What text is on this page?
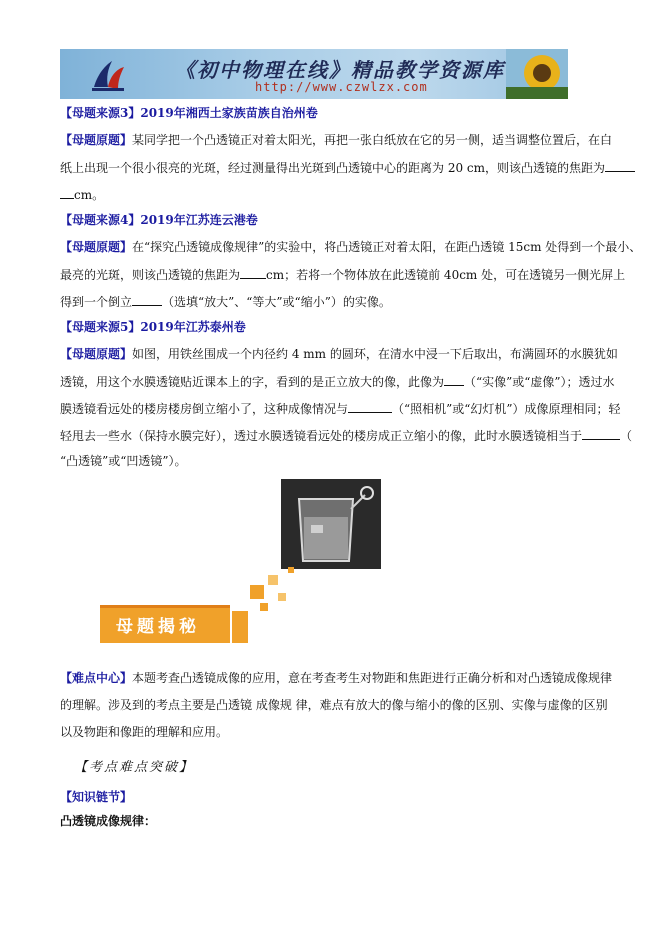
《初中物理在线》精品教学资源库
http://www.czwlzx.com
【母题来源3】2019年湘西土家族苗族自治州卷
【母题原题】某同学把一个凸透镜正对着太阳光，再把一张白纸放在它的另一侧，适当调整位置后，在白
纸上出现一个很小很亮的光斑，经过测量得出光斑到凸透镜中心的距离为 20 cm，则该凸透镜的焦距为
cm。
【母题来源4】2019年江苏连云港卷
【母题原题】在“探究凸透镜成像规律”的实验中，将凸透镜正对着太阳，在距凸透镜 15cm 处得到一个最小、
最亮的光斑，则该凸透镜的焦距为 cm；若将一个物体放在此透镜前 40cm 处，可在透镜另一侧光屏上
得到一个倒立	（选填“放大”、“等大”或“缩小”）的实像。
【母题来源5】2019年江苏泰州卷
【母题原题】如图，用铁丝围成一个内径约 4 mm 的圆环，在清水中浸一下后取出，布满圆环的水膜犹如
透镜，用这个水膜透镜贴近课本上的字，看到的是正立放大的像，此像为 （“实像”或“虚像”）；透过水
膜透镜看远处的楼房楼房倒立缩小了，这种成像情况与	（“照相机”或“幻灯机”）成像原理相同；轻
轻甩去一些水（保持水膜完好），透过水膜透镜看远处的楼房成正立缩小的像，此时水膜透镜相当于	（
“凸透镜”或“凹透镜”）。
母题揭秘
【难点中心】本题考查凸透镜成像的应用，意在考查考生对物距和焦距进行正确分析和对凸透镜成像规律
的理解。涉及到的考点主要是凸透镜 成像规 律，难点有放大的像与缩小的像的区别、实像与虚像的区别
以及物距和像距的理解和应用。
【考点难点突破】
【知识链节】
凸透镜成像规律：
